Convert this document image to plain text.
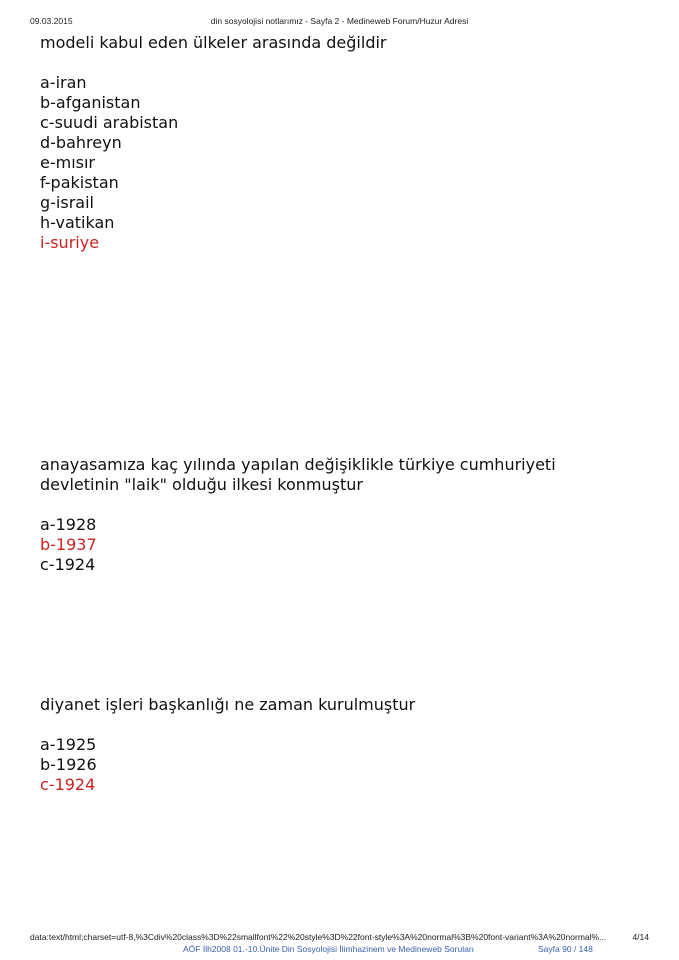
09.03.2015	din sosyolojisi notlarımız - Sayfa 2 - Medineweb Forum/Huzur Adresi
modeli kabul eden ülkeler arasında değildir
a-iran
b-afganistan
c-suudi arabistan
d-bahreyn
e-mısır
f-pakistan
g-israil
h-vatikan
i-suriye
anayasamıza kaç yılında yapılan değişiklikle türkiye cumhuriyeti
devletinin "laik" olduğu ilkesi konmuştur
a-1928
b-1937
c-1924
diyanet işleri başkanlığı ne zaman kurulmuştur
a-1925
b-1926
c-1924
data:text/html;charset=utf-8,%3Cdiv%20class%3D%22smallfont%22%20style%3D%22font-style%3A%20normal%3B%20font-variant%3A%20normal%...	4/14
AÖF İlh2008 01.-10.Ünite Din Sosyolojisi İlimhazinem ve Medineweb Soruları	Sayfa 90 / 148
